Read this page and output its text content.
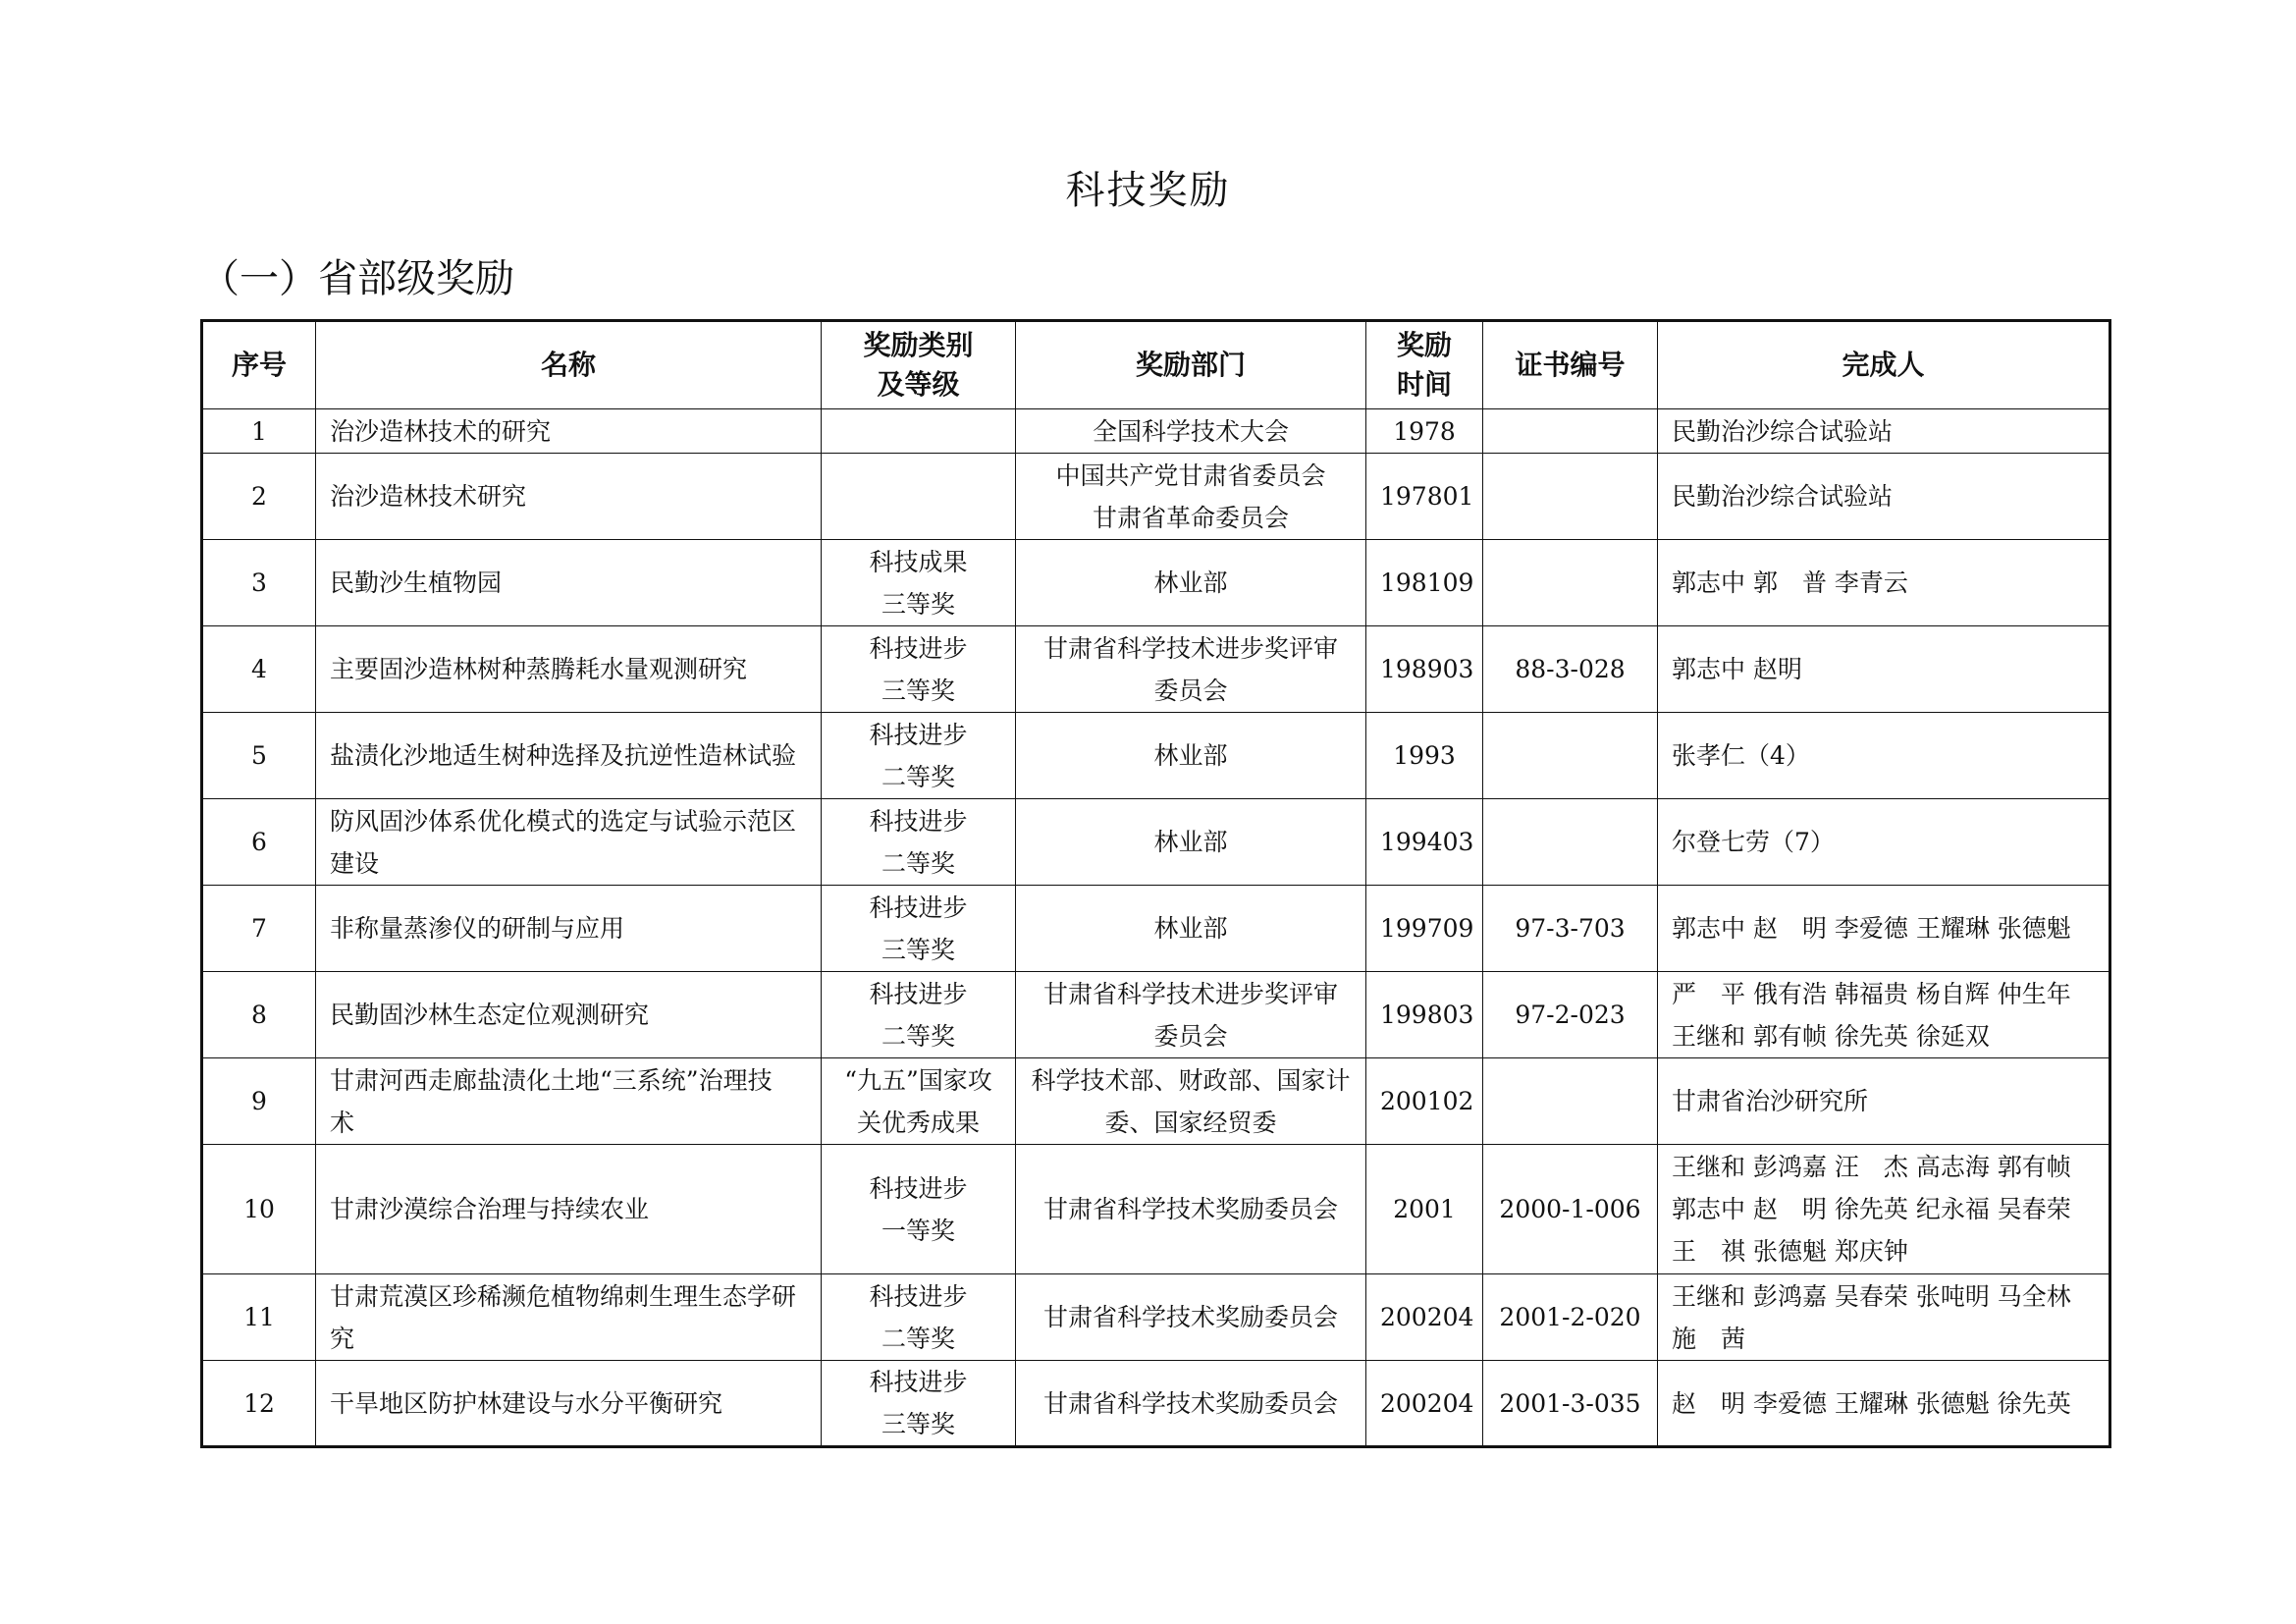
科技奖励
（一）省部级奖励
序号	名称	奖励类别
及等级	奖励部门	奖励
时间	证书编号	完成人
1	治沙造林技术的研究		全国科学技术大会	1978		民勤治沙综合试验站
2	治沙造林技术研究		中国共产党甘肃省委员会
甘肃省革命委员会	197801		民勤治沙综合试验站
3	民勤沙生植物园	科技成果
三等奖	林业部	198109		郭志中 郭　普 李青云
4	主要固沙造林树种蒸腾耗水量观测研究	科技进步
三等奖	甘肃省科学技术进步奖评审
委员会	198903	88-3-028	郭志中 赵明
5	盐渍化沙地适生树种选择及抗逆性造林试验	科技进步
二等奖	林业部	1993		张孝仁（4）
6	防风固沙体系优化模式的选定与试验示范区
建设	科技进步
二等奖	林业部	199403		尔登七劳（7）
7	非称量蒸渗仪的研制与应用	科技进步
三等奖	林业部	199709	97-3-703	郭志中 赵　明 李爱德 王耀琳 张德魁
8	民勤固沙林生态定位观测研究	科技进步
二等奖	甘肃省科学技术进步奖评审
委员会	199803	97-2-023	严　平 俄有浩 韩福贵 杨自辉 仲生年
王继和 郭有帧 徐先英 徐延双
9	甘肃河西走廊盐渍化土地“三系统”治理技
术	“九五”国家攻
关优秀成果	科学技术部、财政部、国家计
委、国家经贸委	200102		甘肃省治沙研究所
10	甘肃沙漠综合治理与持续农业	科技进步
一等奖	甘肃省科学技术奖励委员会	2001	2000-1-006	王继和 彭鸿嘉 汪　杰 高志海 郭有帧
郭志中 赵　明 徐先英 纪永福 吴春荣
王　祺 张德魁 郑庆钟
11	甘肃荒漠区珍稀濒危植物绵刺生理生态学研
究	科技进步
二等奖	甘肃省科学技术奖励委员会	200204	2001-2-020	王继和 彭鸿嘉 吴春荣 张吨明 马全林
施　茜
12	干旱地区防护林建设与水分平衡研究	科技进步
三等奖	甘肃省科学技术奖励委员会	200204	2001-3-035	赵　明 李爱德 王耀琳 张德魁 徐先英
